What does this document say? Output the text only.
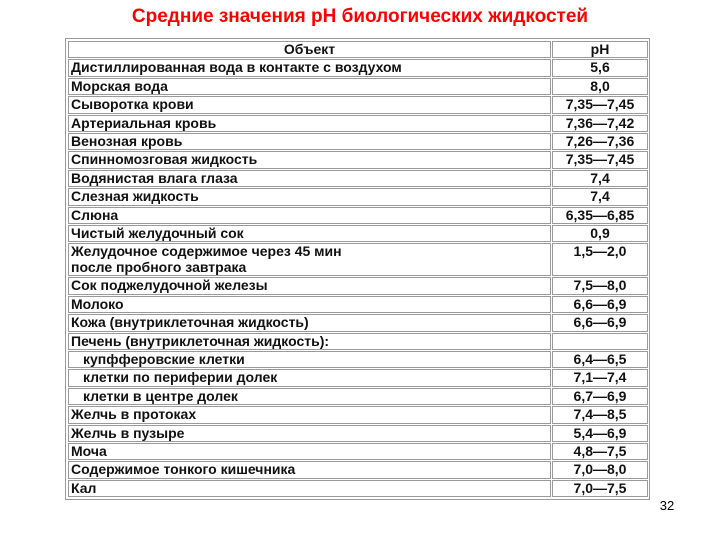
Средние значения рН биологических жидкостей
Объект	рН
Дистиллированная вода в контакте с воздухом	5,6
Морская вода	8,0
Сыворотка крови	7,35—7,45
Артериальная кровь	7,36—7,42
Венозная кровь	7,26—7,36
Спинномозговая жидкость	7,35—7,45
Водянистая влага глаза	7,4
Слезная жидкость	7,4
Слюна	6,35—6,85
Чистый желудочный сок	0,9

Желудочное содержимое через 45 мин
после пробного завтрака	1,5—2,0
Сок поджелудочной железы	7,5—8,0
Молоко	6,6—6,9
Кожа (внутриклеточная жидкость)	6,6—6,9
Печень (внутриклеточная жидкость):	
купфферовские клетки	6,4—6,5
клетки по периферии долек	7,1—7,4
клетки в центре долек	6,7—6,9
Желчь в протоках	7,4—8,5
Желчь в пузыре	5,4—6,9
Моча	4,8—7,5
Содержимое тонкого кишечника	7,0—8,0
Кал	7,0—7,5
32
